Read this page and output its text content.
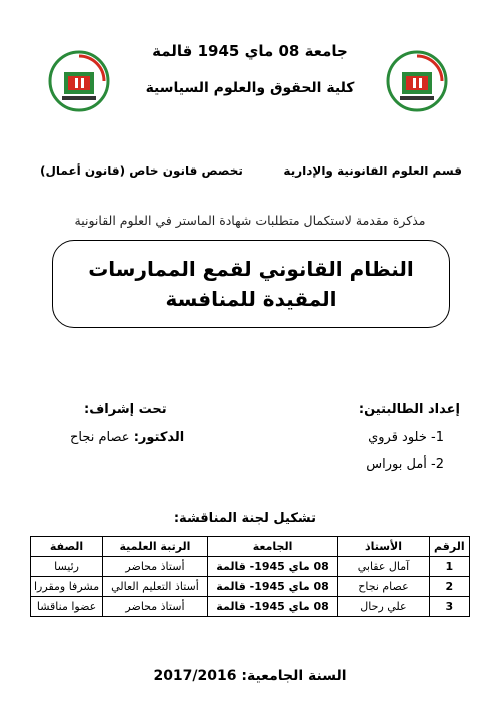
جامعة 08 ماي 1945 قالمة
كلية الحقوق والعلوم السياسية
قسم العلوم القانونية والإدارية
تخصص قانون خاص (قانون أعمال)
مذكرة مقدمة لاستكمال متطلبات شهادة الماستر في العلوم القانونية
النظام القانوني لقمع الممارسات
المقيدة للمنافسة
إعداد الطالبتين:
1- خلود قروي
2- أمل بوراس
تحت إشراف:
الدكتور: عصام نجاح
تشكيل لجنة المناقشة:
الرقم	الأستاذ	الجامعة	الرتبة العلمية	الصفة
1	آمال عقابي	08 ماي 1945- قالمة	أستاذ محاضر	رئيسا
2	عصام نجاح	08 ماي 1945- قالمة	أستاذ التعليم العالي	مشرفا ومقررا
3	علي رحال	08 ماي 1945- قالمة	أستاذ محاضر	عضوا مناقشا
السنة الجامعية: 2017/2016
